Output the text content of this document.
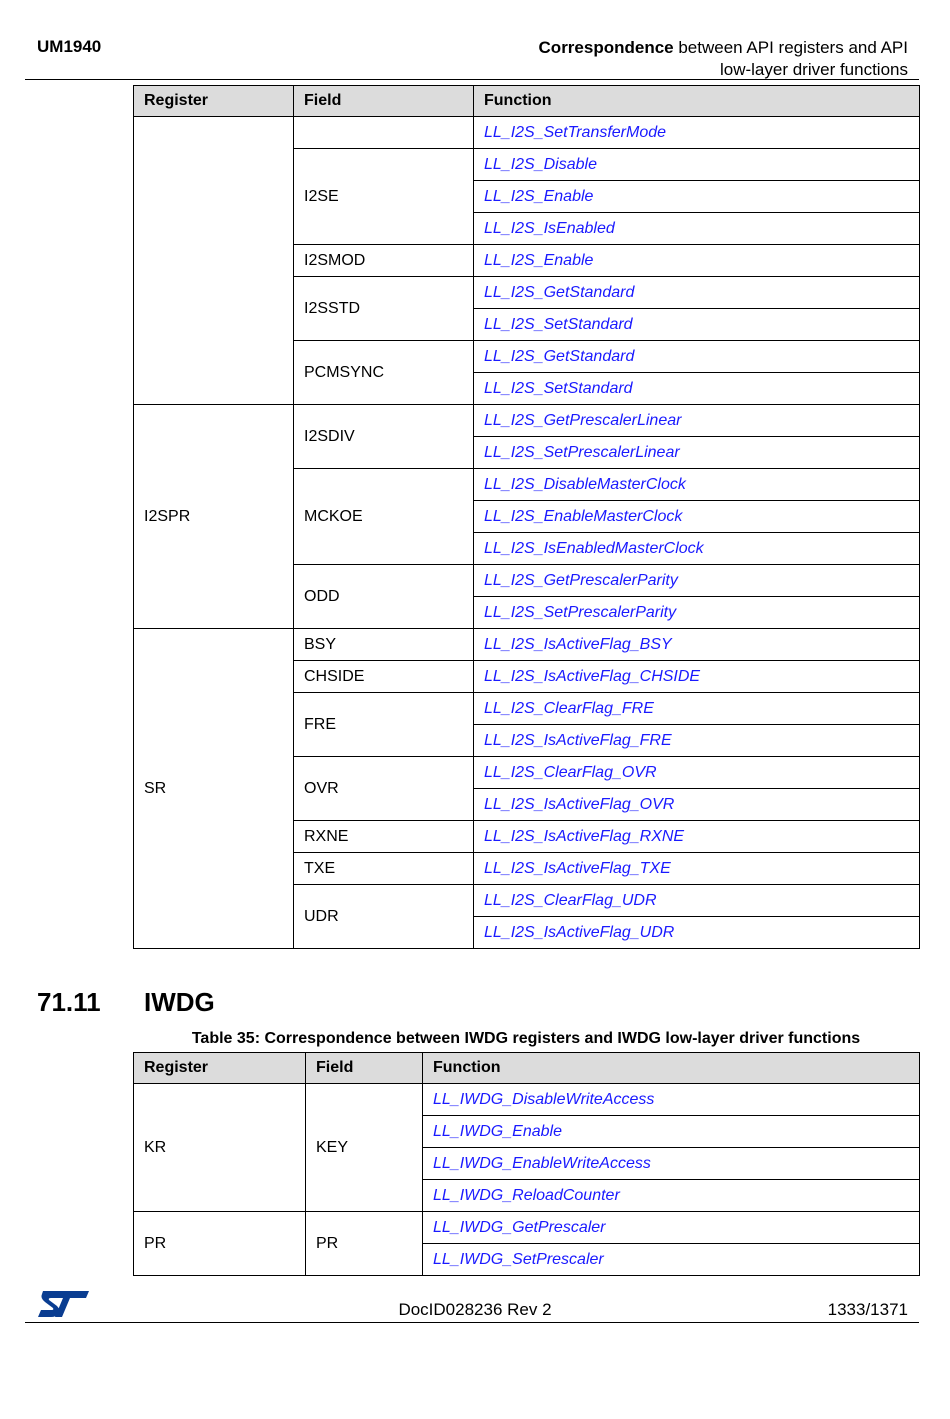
UM1940	Correspondence between API registers and API
low-layer driver functions
Register	Field	Function
		LL_I2S_SetTransferMode
	I2SE	LL_I2S_Disable
		LL_I2S_Enable
		LL_I2S_IsEnabled
	I2SMOD	LL_I2S_Enable
	I2SSTD	LL_I2S_GetStandard
		LL_I2S_SetStandard
	PCMSYNC	LL_I2S_GetStandard
		LL_I2S_SetStandard
I2SPR	I2SDIV	LL_I2S_GetPrescalerLinear
		LL_I2S_SetPrescalerLinear
	MCKOE	LL_I2S_DisableMasterClock
		LL_I2S_EnableMasterClock
		LL_I2S_IsEnabledMasterClock
	ODD	LL_I2S_GetPrescalerParity
		LL_I2S_SetPrescalerParity
SR	BSY	LL_I2S_IsActiveFlag_BSY
	CHSIDE	LL_I2S_IsActiveFlag_CHSIDE
	FRE	LL_I2S_ClearFlag_FRE
		LL_I2S_IsActiveFlag_FRE
	OVR	LL_I2S_ClearFlag_OVR
		LL_I2S_IsActiveFlag_OVR
	RXNE	LL_I2S_IsActiveFlag_RXNE
	TXE	LL_I2S_IsActiveFlag_TXE
	UDR	LL_I2S_ClearFlag_UDR
		LL_I2S_IsActiveFlag_UDR
71.11 IWDG
Table 35: Correspondence between IWDG registers and IWDG low-layer driver functions
Register	Field	Function
KR	KEY	LL_IWDG_DisableWriteAccess
		LL_IWDG_Enable
		LL_IWDG_EnableWriteAccess
		LL_IWDG_ReloadCounter
PR	PR	LL_IWDG_GetPrescaler
		LL_IWDG_SetPrescaler
DocID028236 Rev 2	1333/1371
